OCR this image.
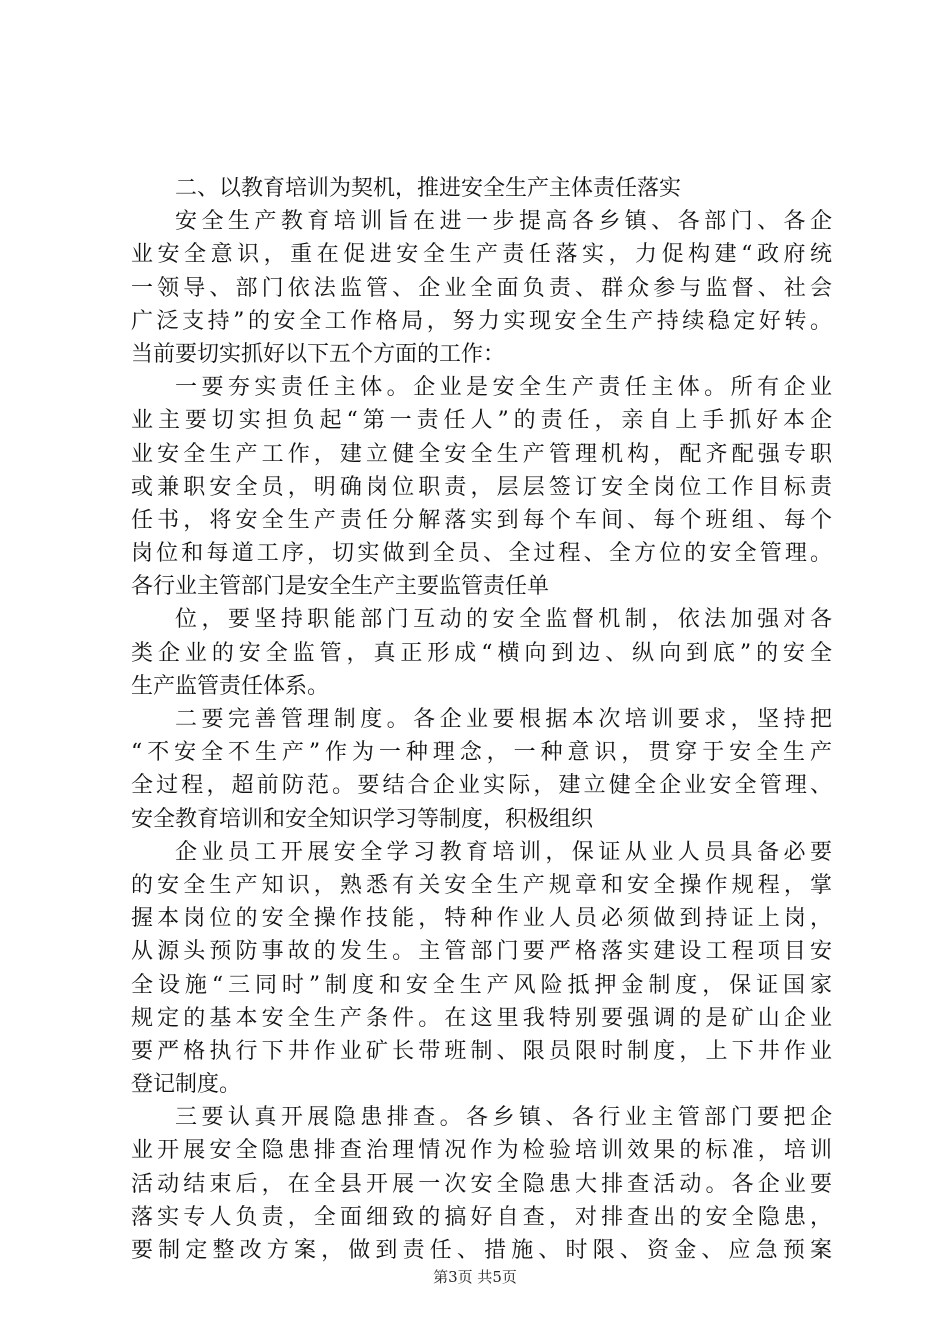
二、以教育培训为契机，推进安全生产主体责任落实
安全生产教育培训旨在进一步提高各乡镇、各部门、各企
业安全意识，重在促进安全生产责任落实，力促构建“政府统
一领导、部门依法监管、企业全面负责、群众参与监督、社会
广泛支持”的安全工作格局，努力实现安全生产持续稳定好转。
当前要切实抓好以下五个方面的工作：
一要夯实责任主体。企业是安全生产责任主体。所有企业
业主要切实担负起“第一责任人”的责任，亲自上手抓好本企
业安全生产工作，建立健全安全生产管理机构，配齐配强专职
或兼职安全员，明确岗位职责，层层签订安全岗位工作目标责
任书，将安全生产责任分解落实到每个车间、每个班组、每个
岗位和每道工序，切实做到全员、全过程、全方位的安全管理。
各行业主管部门是安全生产主要监管责任单
位，要坚持职能部门互动的安全监督机制，依法加强对各
类企业的安全监管，真正形成“横向到边、纵向到底”的安全
生产监管责任体系。
二要完善管理制度。各企业要根据本次培训要求，坚持把
“不安全不生产”作为一种理念，一种意识，贯穿于安全生产
全过程，超前防范。要结合企业实际，建立健全企业安全管理、
安全教育培训和安全知识学习等制度，积极组织
企业员工开展安全学习教育培训，保证从业人员具备必要
的安全生产知识，熟悉有关安全生产规章和安全操作规程，掌
握本岗位的安全操作技能，特种作业人员必须做到持证上岗，
从源头预防事故的发生。主管部门要严格落实建设工程项目安
全设施“三同时”制度和安全生产风险抵押金制度，保证国家
规定的基本安全生产条件。在这里我特别要强调的是矿山企业
要严格执行下井作业矿长带班制、限员限时制度，上下井作业
登记制度。
三要认真开展隐患排查。各乡镇、各行业主管部门要把企
业开展安全隐患排查治理情况作为检验培训效果的标准，培训
活动结束后，在全县开展一次安全隐患大排查活动。各企业要
落实专人负责，全面细致的搞好自查，对排查出的安全隐患，
要制定整改方案，做到责任、措施、时限、资金、应急预案
第3页 共5页
